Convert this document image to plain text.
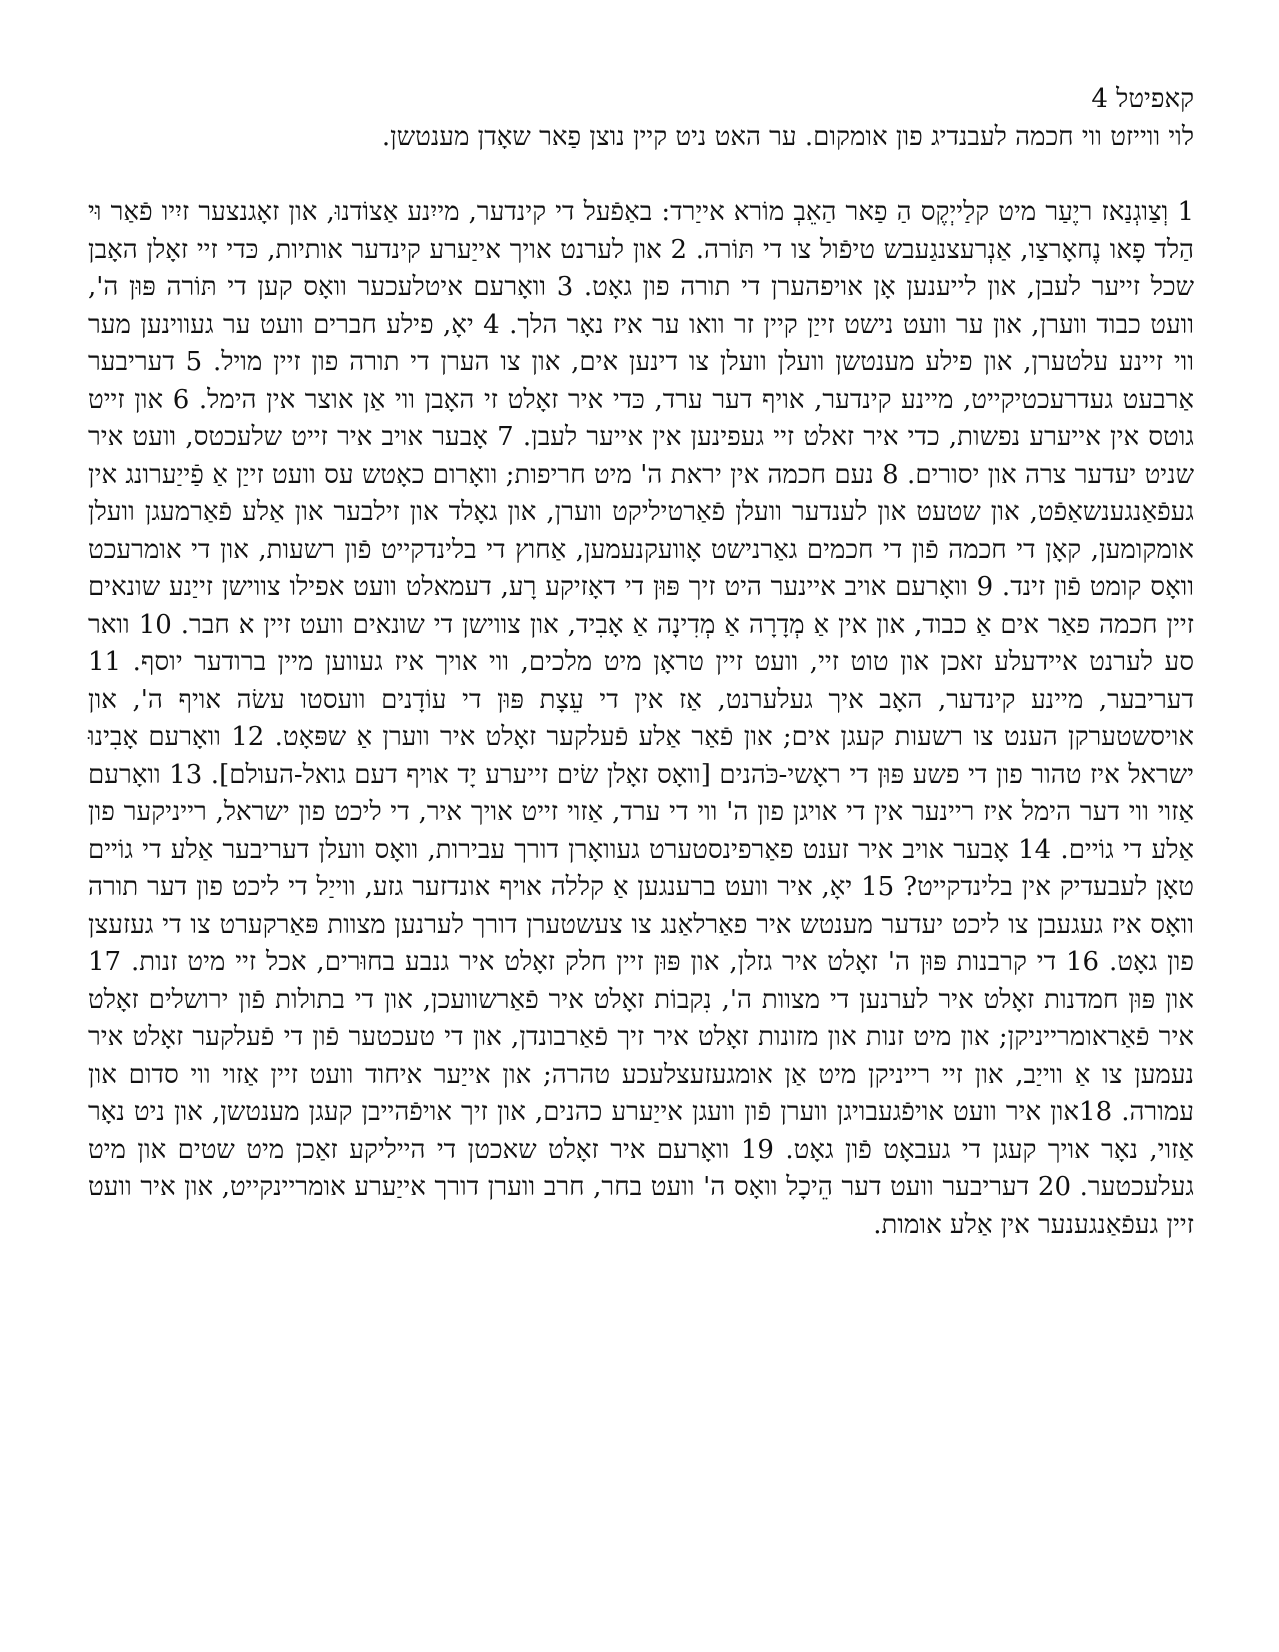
קאפיטל 4

לוי ווייזט ווי חכמה לעבנדיג פון אומקום. ער האט ניט קיין נוצן פַאר שאָדן מענטשן.

1 וְצַוגְנַאז ריֶעַר מיט קלַייְקֶס הַ פַאר הַאֵבְ מוֹרא אייַרד: באַפֿעל די קינדער, מייִנע אַצוֹדנוּ, און זאָגנצער זיִיו פֿאַר וּי הַלד פָאו נֶחאָרצַו, אַנְרעצנגַעבש טיפֿול צו די תּוֹרה. 2 און לערנט אויך אייַערע קינדער אותיות, כּדי זיי זאָלן האָבן שכל זייער לעבן, און לייענען אָן אויפהערן די תורה פון גאָט. 3 וואָרעם איטלעכער וואָס קען די תּוֹרה פּוּן ה', וועט כבוד ווערן, און ער וועט נישט זייַן קיין זר וואו ער איז נאָר הלך. 4 יאָ, פילע חברים וועט ער געווינען מער ווי זיינע עלטערן, און פילע מענטשן וועלן וועלן צו דינען אים, און צו הערן די תורה פון זיין מויל. 5 דעריבער אַרבעט געדרעכטיקייט, מיינע קינדער, אויף דער ערד, כּדי איר זאָלט זי האָבן ווי אַן אוצר אין הימל. 6 און זייט גוטס אין אייערע נפשות, כדי איר זאלט זיי געפינען אין אייער לעבן. 7 אָבער אויב איר זייט שלעכטס, וועט איר שניט יעדער צרה און יסורים. 8 נעם חכמה אין יראת ה' מיט חריפות; וואָרום כאָטש עס וועט זייַן אַ פַֿייַערונג אין געפֿאַנגענשאַפֿט, און שטעט און לענדער וועלן פֿאַרטיליקט ווערן, און גאָלד און זילבער און אַלע פֿאַרמעגן וועלן אומקומען, קאָן די חכמה פֿון די חכמים גאַרנישט אָוועקנעמען, אַחוץ די בלינדקייט פֿון רשעות, און די אומרעכט וואָס קומט פֿון זינד. 9 וואָרעם אויב איינער היט זיך פּוּן די דאָזיקע רָע, דעמאלט וועט אפילו צווישן זייַנע שונאים זיין חכמה פאַר אים אַ כבוד, און אין אַ מְדָרָה אַ מְדִינָה אַ אָבִיד, און צווישן די שונאים וועט זיין א חבר. 10 וואר סע לערנט איידעלע זאכן און טוט זיי, וועט זיין טראָן מיט מלכים, ווי אויך איז געווען מיין ברודער יוסף. 11 דעריבער, מיינע קינדער, האָב איך געלערנט, אַז אין די עֵצָת פּוּן די עוֹדָנים וועסטו עשׂה אויף ה', און אויסשטערקן הענט צו רשעות קעגן אים; און פֿאַר אַלע פֿעלקער זאָלט איר ווערן אַ שפּאָט. 12 וואָרעם אָבִינוּ ישראל איז טהור פון די פשע פּוּן די ראָשי-כֹּהנים [וואָס זאָלן שׂים זייערע יָד אויף דעם גואל-העולם]. 13 וואָרעם אַזוי ווי דער הימל איז ריינער אין די אויגן פון ה' ווי די ערד, אַזוי זייט אויך איר, די ליכט פון ישראל, רייניקער פון אַלע די גוֹיים. 14 אָבער אויב איר זענט פאַרפינסטערט געוואָרן דורך עבירות, וואָס וועלן דעריבער אַלע די גוֹיים טאָן לעבעדיק אין בלינדקייט? 15 יאָ, איר וועט ברענגען אַ קללה אויף אונדזער גזע, ווייַל די ליכט פון דער תורה וואָס איז געגעבן צו ליכט יעדער מענטש איר פאַרלאַנג צו צעשטערן דורך לערנען מצוות פּאַרקערט צו די געזעצן פון גאָט. 16 די קרבנות פּוּן ה' זאָלט איר גזלן, און פּוּן זיין חלק זאָלט איר גנבע בחוּרים, אכל זיי מיט זנות. 17 און פּוּן חמדנות זאָלט איר לערנען די מצוות ה', נִקבוֹת זאָלט איר פֿאַרשוועכן, און די בתולות פֿון ירושלים זאָלט איר פֿאַראומרייניקן; און מיט זנות און מזונות זאָלט איר זיך פֿאַרבונדן, און די טעכטער פֿון די פֿעלקער זאָלט איר נעמען צו אַ ווייַב, און זיי רייניקן מיט אַן אומגעזעצלעכע טהרה; און אייַער איחוד וועט זיין אַזוי ווי סדום און עמורה. 18און איר וועט אויפֿגעבויגן ווערן פֿון וועגן אייַערע כהנים, און זיך אויפֿהייבן קעגן מענטשן, און ניט נאָר אַזוי, נאָר אויך קעגן די געבאָט פֿון גאָט. 19 וואָרעם איר זאָלט שאכטן די הייליקע זאַכן מיט שטים און מיט געלעכטער. 20 דעריבער וועט דער הֵיכָל וואָס ה' וועט בחר, חרב ווערן דורך אייַערע אומריינקייט, און איר וועט זיין געפֿאַנגענער אין אַלע אומות.
